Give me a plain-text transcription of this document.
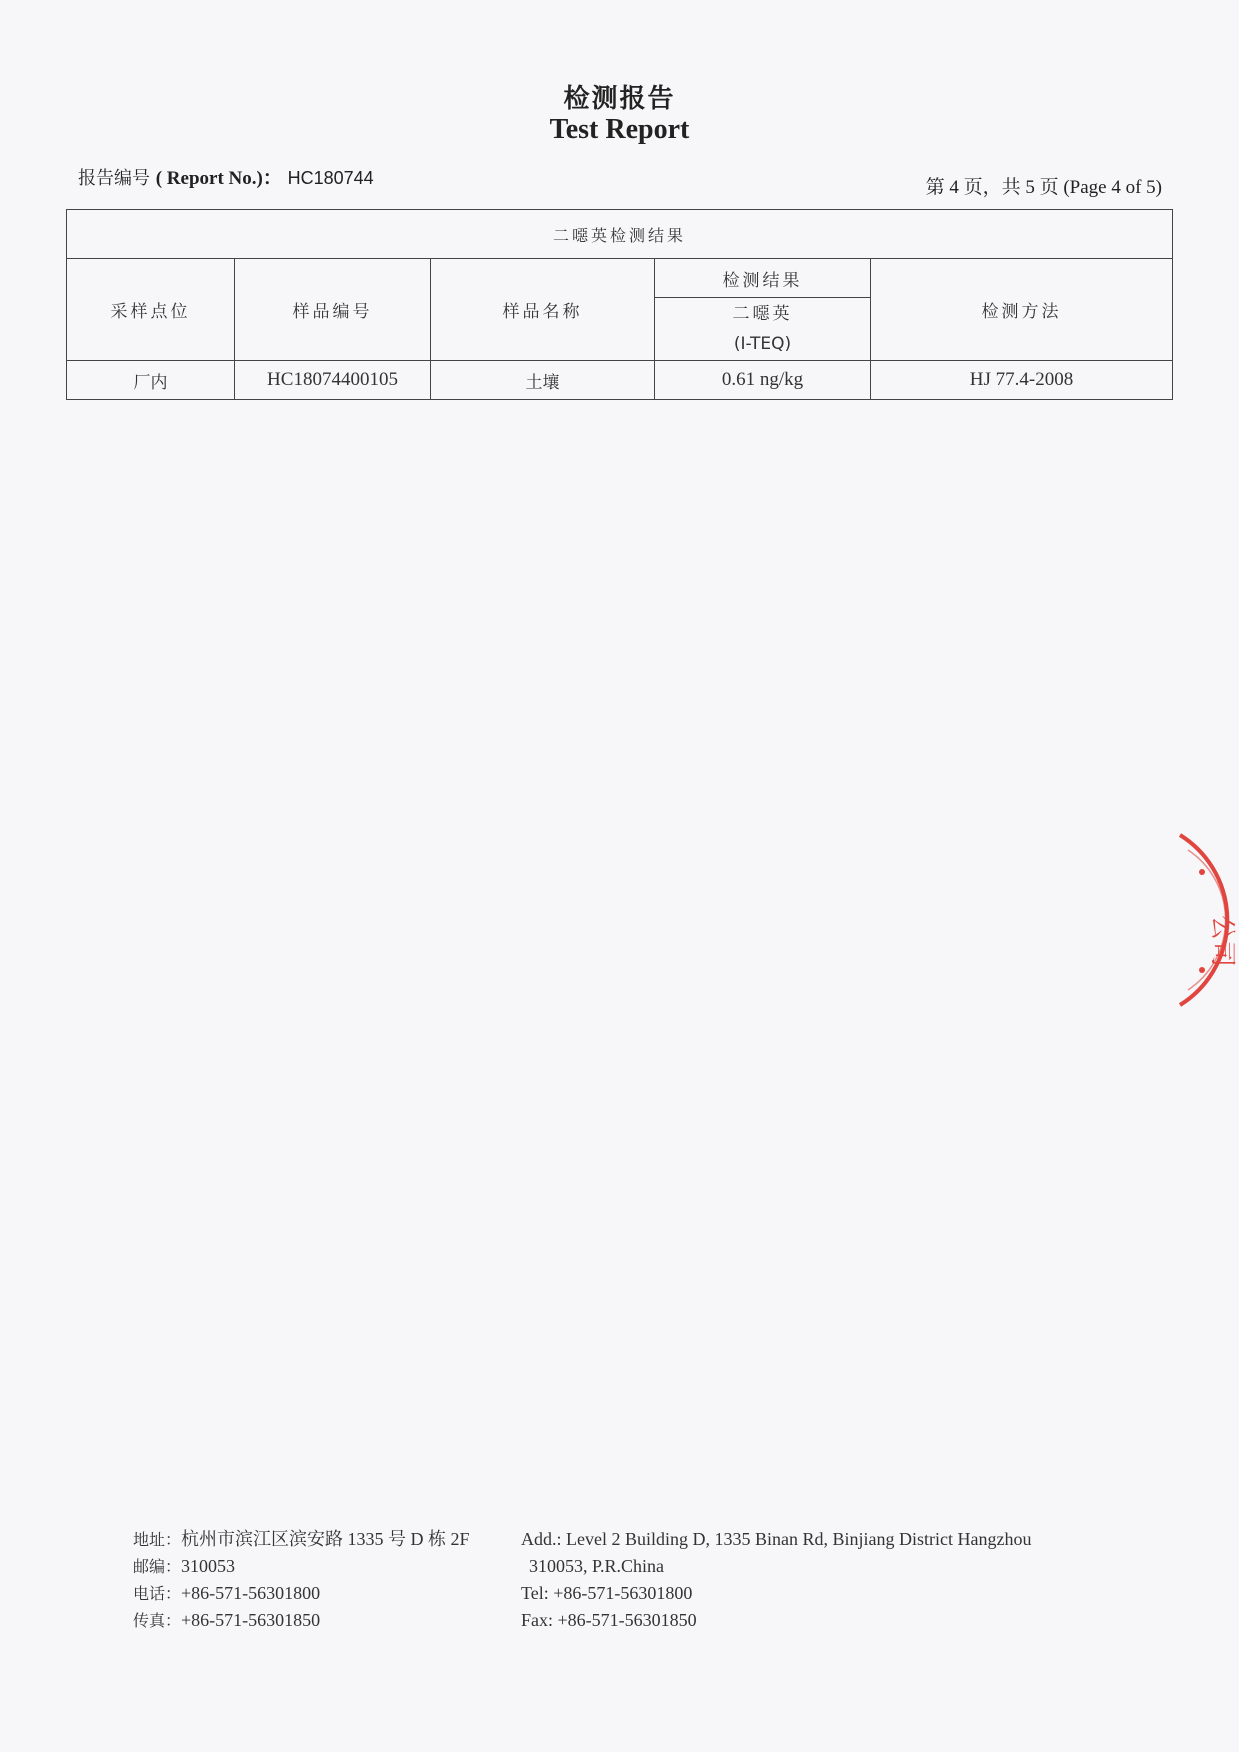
检测报告
Test Report
报告编号 ( Report No.)： HC180744	第 4 页，共 5 页 (Page 4 of 5)
二噁英检测结果				
采样点位	样品编号	样品名称	检测结果	检测方法

			二噁英
(I-TEQ)	

厂内	HC18074400105	土壤	0.61 ng/kg	HJ 77.4-2008
公司
地址：杭州市滨江区滨安路 1335 号 D 栋 2F
邮编：310053
电话：+86-571-56301800
传真：+86-571-56301850
Add.: Level 2 Building D, 1335 Binan Rd, Binjiang District Hangzhou
310053, P.R.China
Tel: +86-571-56301800
Fax: +86-571-56301850
